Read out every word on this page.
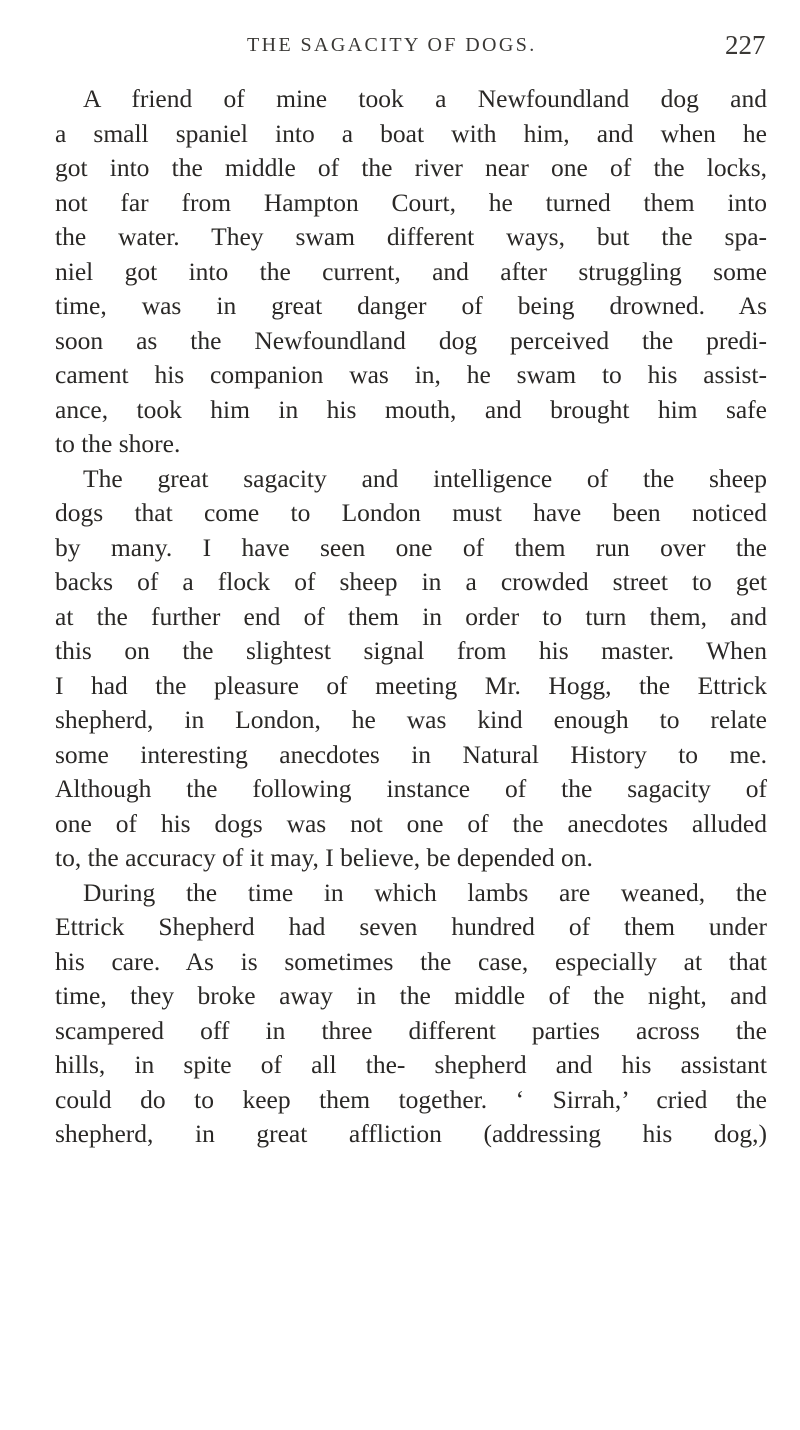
THE SAGACITY OF DOGS.	227
A friend of mine took a Newfoundland dog and
a small spaniel into a boat with him, and when he
got into the middle of the river near one of the locks,
not far from Hampton Court, he turned them into
the water. They swam different ways, but the spa-
niel got into the current, and after struggling some
time, was in great danger of being drowned. As
soon as the Newfoundland dog perceived the predi-
cament his companion was in, he swam to his assist-
ance, took him in his mouth, and brought him safe
to the shore.
The great sagacity and intelligence of the sheep
dogs that come to London must have been noticed
by many. I have seen one of them run over the
backs of a flock of sheep in a crowded street to get
at the further end of them in order to turn them, and
this on the slightest signal from his master. When
I had the pleasure of meeting Mr. Hogg, the Ettrick
shepherd, in London, he was kind enough to relate
some interesting anecdotes in Natural History to me.
Although the following instance of the sagacity of
one of his dogs was not one of the anecdotes alluded
to, the accuracy of it may, I believe, be depended on.
During the time in which lambs are weaned, the
Ettrick Shepherd had seven hundred of them under
his care. As is sometimes the case, especially at that
time, they broke away in the middle of the night, and
scampered off in three different parties across the
hills, in spite of all the- shepherd and his assistant
could do to keep them together. ‘ Sirrah,’ cried the
shepherd, in great affliction (addressing his dog,)
